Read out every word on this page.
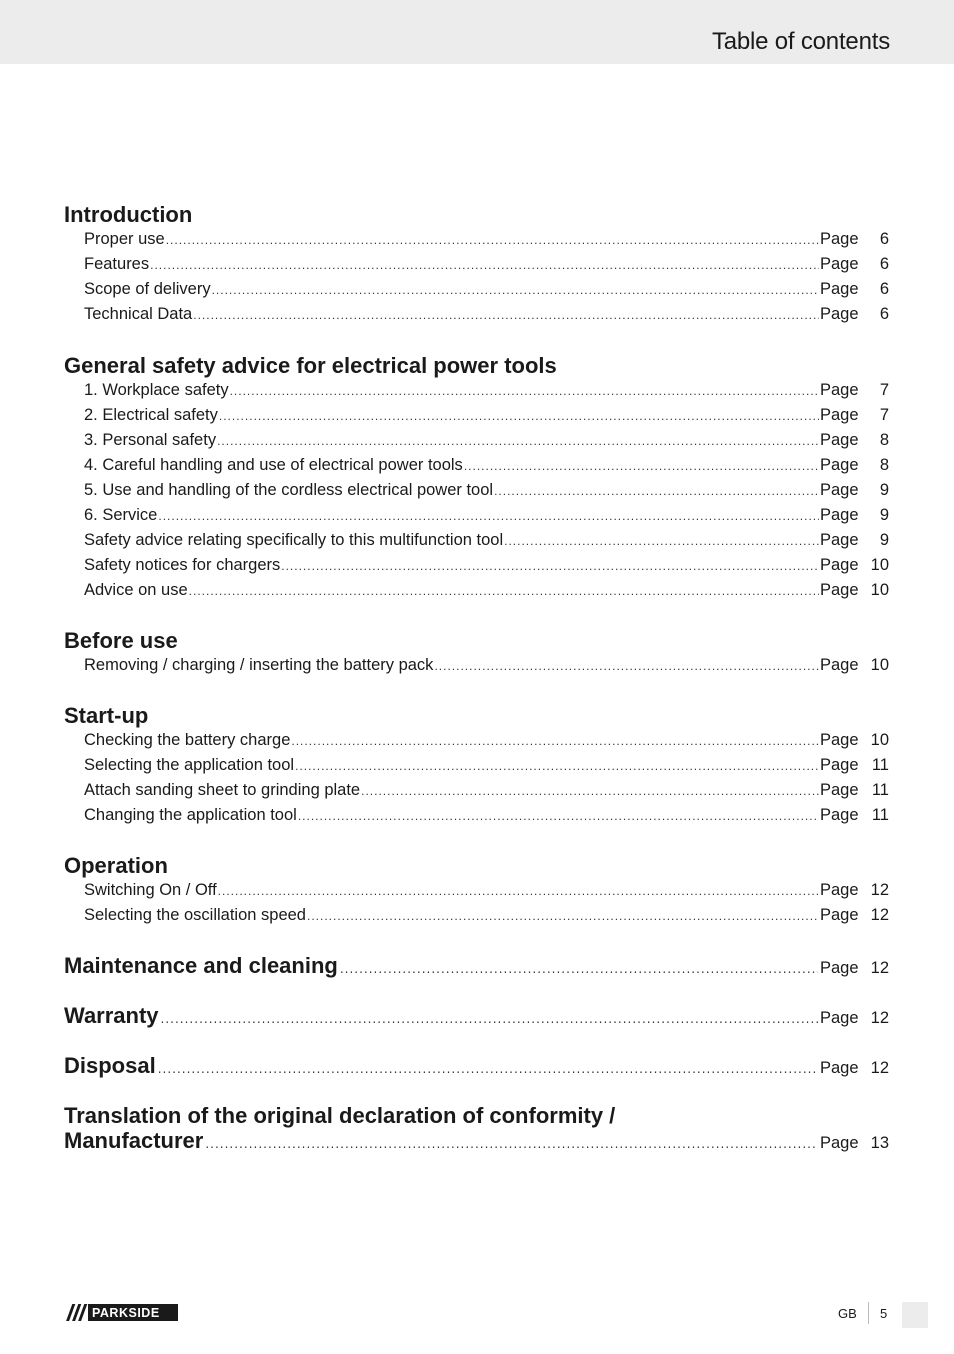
Table of contents
Introduction
Proper use .....	Page	6
Features .....	Page	6
Scope of delivery .....	Page	6
Technical Data .....	Page	6
General safety advice for electrical power tools
1. Workplace safety .....	Page	7
2. Electrical safety .....	Page	7
3. Personal safety .....	Page	8
4. Careful handling and use of electrical power tools .....	Page	8
5. Use and handling of the cordless electrical power tool .....	Page	9
6. Service .....	Page	9
Safety advice relating specifically to this multifunction tool .....	Page	9
Safety notices for chargers .....	Page 10
Advice on use .....	Page 10
Before use
Removing / charging / inserting the battery pack .....	Page 10
Start-up
Checking the battery charge .....	Page 10
Selecting the application tool .....	Page 11
Attach sanding sheet to grinding plate .....	Page 11
Changing the application tool .....	Page 11
Operation
Switching On / Off .....	Page 12
Selecting the oscillation speed .....	Page 12
Maintenance and cleaning .....	Page 12
Warranty .....	Page 12
Disposal .....	Page 12
Translation of the original declaration of conformity /
Manufacturer .....	Page 13
PARKSIDE	GB 5
